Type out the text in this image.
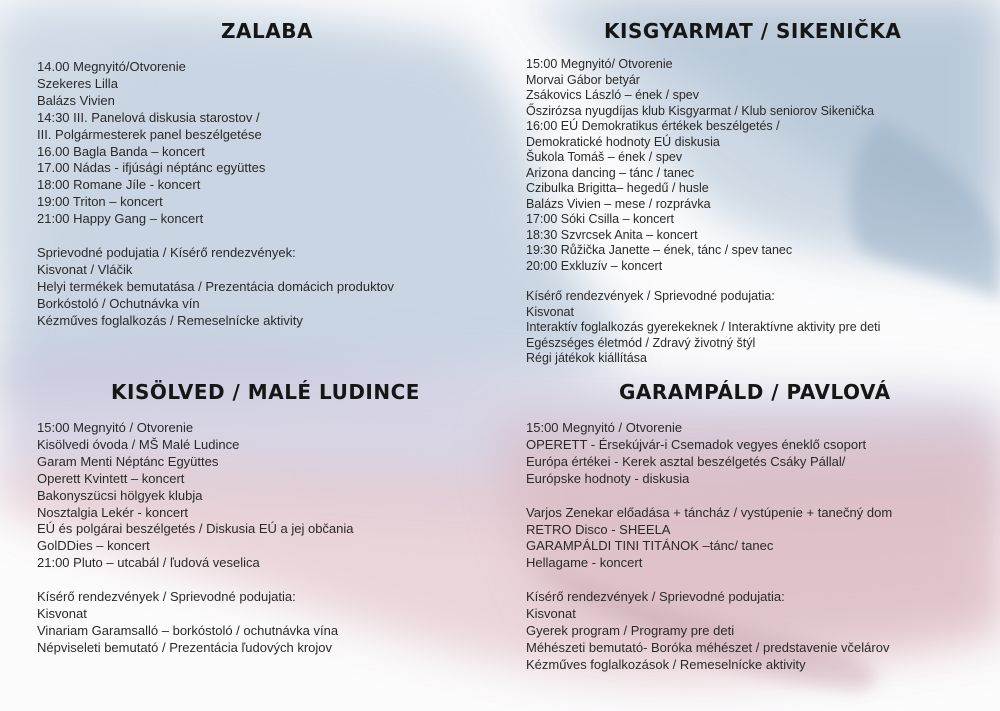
ZALABA
14.00 Megnyitó/Otvorenie
Szekeres Lilla
Balázs Vivien
14:30 III. Panelová diskusia starostov /
III. Polgármesterek panel beszélgetése
16.00 Bagla Banda – koncert
17.00 Nádas - ifjúsági néptánc együttes
18:00 Romane Jíle - koncert
19:00 Triton – koncert
21:00 Happy Gang – koncert
Sprievodné podujatia / Kísérő rendezvények:
Kisvonat / Vláčik
Helyi termékek bemutatása / Prezentácia domácich produktov
Borkóstoló / Ochutnávka vín
Kézműves foglalkozás / Remeselnícke aktivity
KISGYARMAT / SIKENIČKA
15:00 Megnyitó/ Otvorenie
Morvai Gábor betyár
Zsákovics László – ének / spev
Őszirózsa nyugdíjas klub Kisgyarmat / Klub seniorov Sikenička
16:00 EÚ Demokratikus értékek beszélgetés /
Demokratické hodnoty EÚ diskusia
Šukola Tomáš – ének / spev
Arizona dancing – tánc / tanec
Czibulka Brigitta– hegedű / husle
Balázs Vivien – mese / rozprávka
17:00 Sóki Csilla – koncert
18:30 Szvrcsek Anita – koncert
19:30 Růžička Janette – ének, tánc / spev tanec
20:00 Exkluzív – koncert
Kísérő rendezvények / Sprievodné podujatia:
Kisvonat
Interaktív foglalkozás gyerekeknek / Interaktívne aktivity pre deti
Egészséges életmód / Zdravý životný štýl
Régi játékok kiállítása
KISÖLVED / MALÉ LUDINCE
15:00 Megnyitó / Otvorenie
Kisölvedi óvoda / MŠ Malé Ludince
Garam Menti Néptánc Együttes
Operett Kvintett – koncert
Bakonyszücsi hölgyek klubja
Nosztalgia Lekér - koncert
EÚ és polgárai beszélgetés / Diskusia EÚ a jej občania
GolDDies – koncert
21:00 Pluto – utcabál / ľudová veselica
Kísérő rendezvények / Sprievodné podujatia:
Kisvonat
Vinariam Garamsalló – borkóstoló / ochutnávka vína
Népviseleti bemutató / Prezentácia ľudových krojov
GARAMPÁLD / PAVLOVÁ
15:00 Megnyitó / Otvorenie
OPERETT - Érsekújvár-i Csemadok vegyes éneklő csoport
Európa értékei - Kerek asztal beszélgetés Csáky Pállal/
Európske hodnoty - diskusia
Varjos Zenekar előadása + táncház / vystúpenie + tanečný dom
RETRO Disco - SHEELA
GARAMPÁLDI TINI TITÁNOK –tánc/ tanec
Hellagame - koncert
Kísérő rendezvények / Sprievodné podujatia:
Kisvonat
Gyerek program / Programy pre deti
Méhészeti bemutató- Boróka méhészet / predstavenie včelárov
Kézműves foglalkozások / Remeselnícke aktivity
